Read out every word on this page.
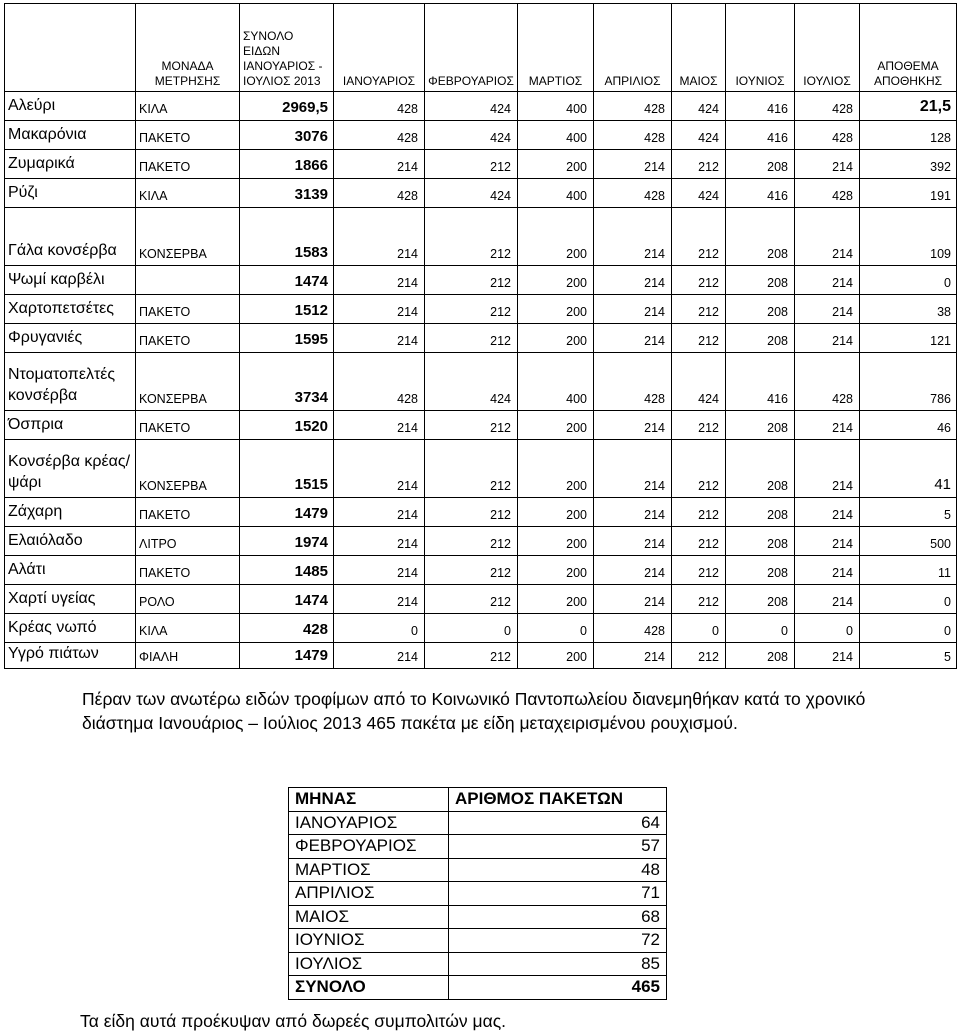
	ΜΟΝΑΔΑ ΜΕΤΡΗΣΗΣ	ΣΥΝΟΛΟ ΕΙΔΩΝ ΙΑΝΟΥΑΡΙΟΣ - ΙΟΥΛΙΟΣ 2013	ΙΑΝΟΥΑΡΙΟΣ	ΦΕΒΡΟΥΑΡΙΟΣ	ΜΑΡΤΙΟΣ	ΑΠΡΙΛΙΟΣ	ΜΑΙΟΣ	ΙΟΥΝΙΟΣ	ΙΟΥΛΙΟΣ	ΑΠΟΘΕΜΑ ΑΠΟΘΗΚΗΣ
Αλεύρι	ΚΙΛΑ	2969,5	428	424	400	428	424	416	428	21,5
Μακαρόνια	ΠΑΚΕΤΟ	3076	428	424	400	428	424	416	428	128
Ζυμαρικά	ΠΑΚΕΤΟ	1866	214	212	200	214	212	208	214	392
Ρύζι	ΚΙΛΑ	3139	428	424	400	428	424	416	428	191
Γάλα κονσέρβα	ΚΟΝΣΕΡΒΑ	1583	214	212	200	214	212	208	214	109
Ψωμί καρβέλι		1474	214	212	200	214	212	208	214	0
Χαρτοπετσέτες	ΠΑΚΕΤΟ	1512	214	212	200	214	212	208	214	38
Φρυγανιές	ΠΑΚΕΤΟ	1595	214	212	200	214	212	208	214	121
Ντοματοπελτές κονσέρβα	ΚΟΝΣΕΡΒΑ	3734	428	424	400	428	424	416	428	786
Όσπρια	ΠΑΚΕΤΟ	1520	214	212	200	214	212	208	214	46
Κονσέρβα κρέας/ψάρι	ΚΟΝΣΕΡΒΑ	1515	214	212	200	214	212	208	214	41
Ζάχαρη	ΠΑΚΕΤΟ	1479	214	212	200	214	212	208	214	5
Ελαιόλαδο	ΛΙΤΡΟ	1974	214	212	200	214	212	208	214	500
Αλάτι	ΠΑΚΕΤΟ	1485	214	212	200	214	212	208	214	11
Χαρτί υγείας	ΡΟΛΟ	1474	214	212	200	214	212	208	214	0
Κρέας νωπό	ΚΙΛΑ	428	0	0	0	428	0	0	0	0
Υγρό πιάτων	ΦΙΑΛΗ	1479	214	212	200	214	212	208	214	5

Πέραν των ανωτέρω ειδών τροφίμων από το Κοινωνικό Παντοπωλείου διανεμηθήκαν κατά το χρονικό διάστημα Ιανουάριος – Ιούλιος 2013 465 πακέτα με είδη μεταχειρισμένου ρουχισμού.

ΜΗΝΑΣ	ΑΡΙΘΜΟΣ ΠΑΚΕΤΩΝ
ΙΑΝΟΥΑΡΙΟΣ	64
ΦΕΒΡΟΥΑΡΙΟΣ	57
ΜΑΡΤΙΟΣ	48
ΑΠΡΙΛΙΟΣ	71
ΜΑΙΟΣ	68
ΙΟΥΝΙΟΣ	72
ΙΟΥΛΙΟΣ	85
ΣΥΝΟΛΟ	465

Τα είδη αυτά προέκυψαν από δωρεές συμπολιτών μας.
